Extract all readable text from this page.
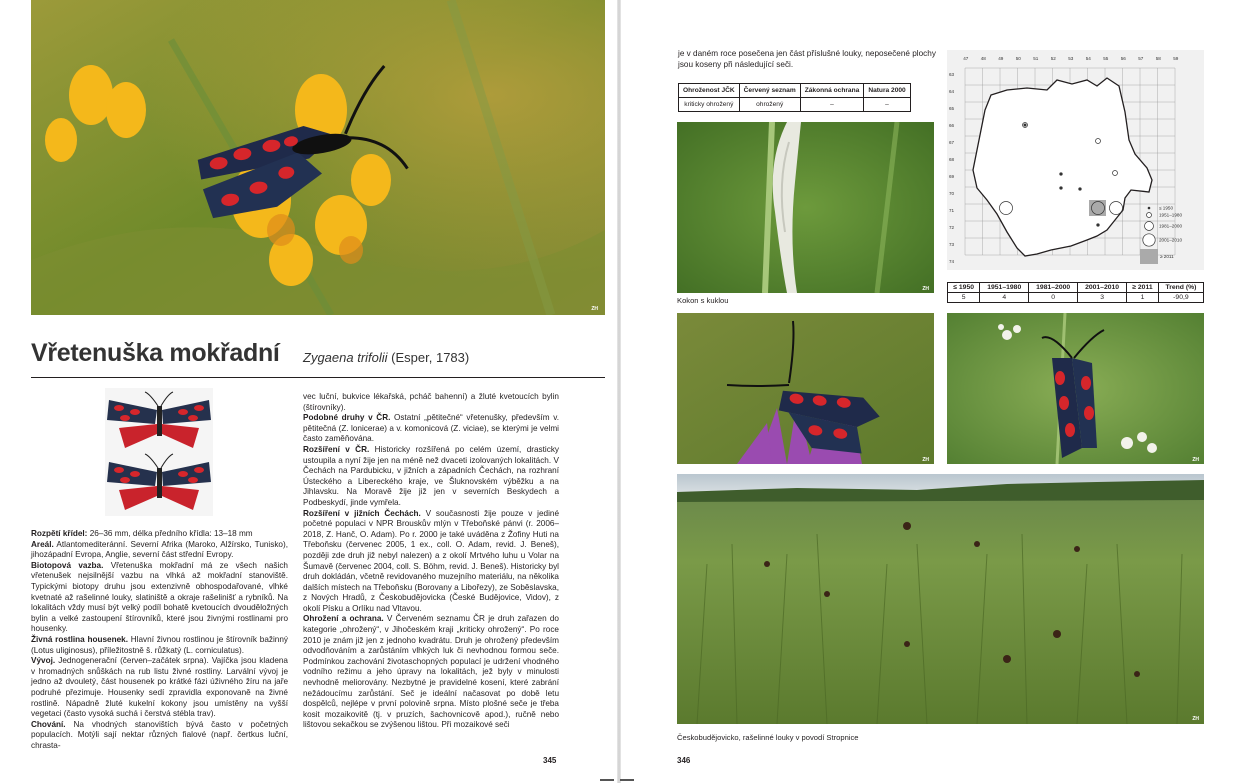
ZH
Vřetenuška mokřadní Zygaena trifolii (Esper, 1783)

Rozpětí křídel: 26–36 mm, délka předního křídla: 13–18 mm

Areál. Atlantomediteránní. Severní Afrika (Maroko, Alžírsko, Tunisko), jihozápadní Evropa, Anglie, severní část střední Evropy.

Biotopová vazba. Vřetenuška mokřadní má ze všech našich vřetenušek nejsilnější vazbu na vlhká až mokřadní stanoviště. Typickými biotopy druhu jsou extenzivně obhospodařované, vlhké kvetnaté až rašelinné louky, slatiniště a okraje rašelinišť a rybníků. Na lokalitách vždy musí být velký podíl bohatě kvetoucích dvouděložných bylin a velké zastoupení štírovníků, které jsou živnými rostlinami pro housenky.

Živná rostlina housenek. Hlavní živnou rostlinou je štírovník bažinný (Lotus uliginosus), příležitostně š. růžkatý (L. corniculatus).

Vývoj. Jednogenerační (červen–začátek srpna). Vajíčka jsou kladena v hromadných snůškách na rub listu živné rostliny. Larvální vývoj je jedno až dvouletý, část housenek po krátké fázi úživného žíru na jaře podruhé přezimuje. Housenky sedí zpravidla exponovaně na živné rostlině. Nápadně žluté kukelní kokony jsou umístěny na vyšší vegetaci (často vysoká suchá i čerstvá stébla trav).

Chování. Na vhodných stanovištích bývá často v početných populacích. Motýli sají nektar různých fialové (např. čertkus luční, chrasta-

vec luční, bukvice lékařská, pcháč bahenní) a žluté kvetoucích bylin (štírovníky).

Podobné druhy v ČR. Ostatní „pětitečné“ vřetenušky, především v. pětitečná (Z. lonicerae) a v. komonicová (Z. viciae), se kterými je velmi často zaměňována.

Rozšíření v ČR. Historicky rozšířená po celém území, drasticky ustoupila a nyní žije jen na méně než dvaceti izolovaných lokalitách. V Čechách na Pardubicku, v jižních a západních Čechách, na rozhraní Ústeckého a Libereckého kraje, ve Šluknovském výběžku a na Jihlavsku. Na Moravě žije již jen v severních Beskydech a Podbeskydí, jinde vymřela.

Rozšíření v jižních Čechách. V současnosti žije pouze v jediné početné populaci v NPR Brouskův mlýn v Třeboňské pánvi (r. 2006–2018, Z. Hanč, O. Adam). Po r. 2000 je také uváděna z Žofiny Huti na Třeboňsku (červenec 2005, 1 ex., coll. O. Adam, revid. J. Beneš), později zde druh již nebyl nalezen) a z okolí Mrtvého luhu u Volar na Šumavě (červenec 2004, coll. S. Böhm, revid. J. Beneš). Historicky byl druh dokládán, včetně revidovaného muzejního materiálu, na několika dalších místech na Třeboňsku (Borovany a Libořezy), ze Soběslavska, z Nových Hradů, z Českobudějovicka (České Budějovice, Vidov), z okolí Písku a Orlíku nad Vltavou.

Ohrožení a ochrana. V Červeném seznamu ČR je druh zařazen do kategorie „ohrožený“, v Jihočeském kraji „kriticky ohrožený“. Po roce 2010 je znám již jen z jednoho kvadrátu. Druh je ohrožený především odvodňováním a zarůstáním vlhkých luk či nevhodnou formou seče. Podmínkou zachování životaschopných populací je udržení vhodného vodního režimu a jeho úpravy na lokalitách, jež byly v minulosti nevhodně meliorovány. Nezbytné je pravidelné kosení, které zabrání nežádoucímu zarůstání. Seč je ideální načasovat po době letu dospělců, nejlépe v první polovině srpna. Místo plošné seče je třeba kosit mozaikovitě (tj. v pruzích, šachovnicově apod.), ručně nebo lištovou sekačkou se zvýšenou lištou. Při mozaikové seči

345
je v daném roce posečena jen část příslušné louky, neposečené plochy jsou koseny při následující seči.
Ohroženost JČK	Červený seznam	Zákonná ochrana	Natura 2000
kriticky ohrožený	ohrožený	–	–
47	48	49	50	51	52	53	54	55	56	57	58	59
63
64
65
66
67
68
69
70
71
72
73
74
≤ 1950
1951–1980
1981–2000
2001–2010
≥ 2011
≤ 1950	1951–1980	1981–2000	2001–2010	≥ 2011	Trend (%)
5	4	0	3	1	-90,9
ZH
Kokon s kuklou
ZH	ZH
ZH
Českobudějovicko, rašelinné louky v povodí Stropnice
346
